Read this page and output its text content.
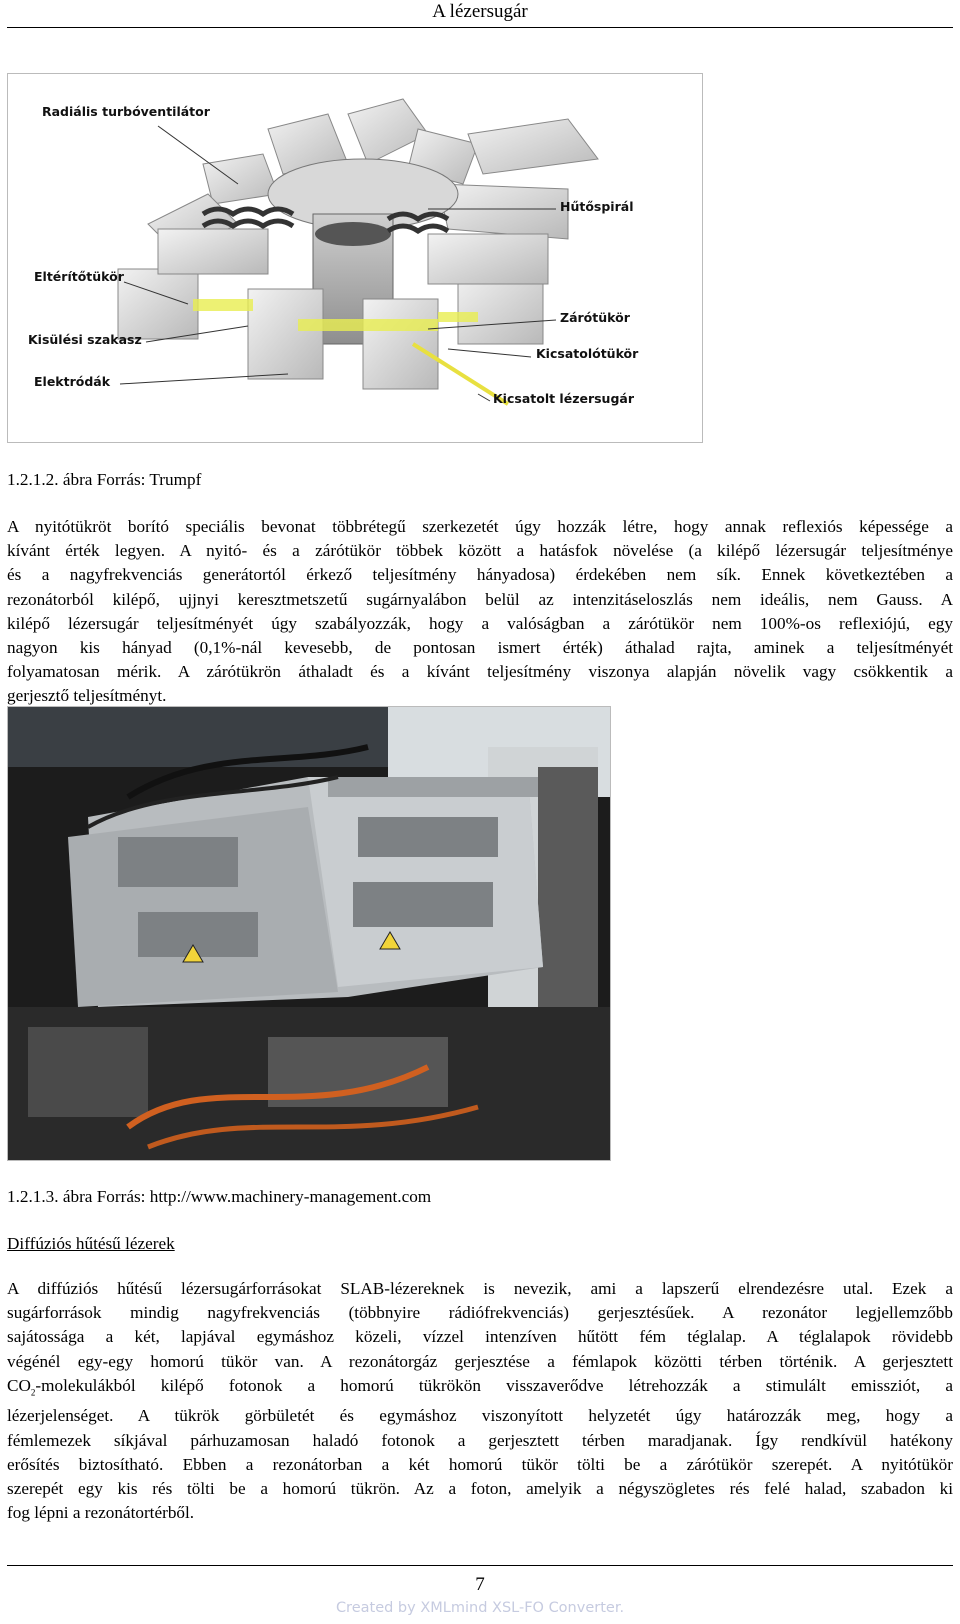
A lézersugár
Radiális turbóventilátor
Hűtőspirál
Eltérítőtükör
Zárótükör
Kisülési szakasz
Kicsatolótükör
Elektródák
Kicsatolt lézersugár
1.2.1.2. ábra Forrás: Trumpf
A nyitótükröt borító speciális bevonat többrétegű szerkezetét úgy hozzák létre, hogy annak reflexiós képessége a
kívánt érték legyen. A nyitó- és a zárótükör többek között a hatásfok növelése (a kilépő lézersugár teljesítménye
és a nagyfrekvenciás generátortól érkező teljesítmény hányadosa) érdekében nem sík. Ennek következtében a
rezonátorból kilépő, ujjnyi keresztmetszetű sugárnyalábon belül az intenzitáseloszlás nem ideális, nem Gauss. A
kilépő lézersugár teljesítményét úgy szabályozzák, hogy a valóságban a zárótükör nem 100%-os reflexiójú, egy
nagyon kis hányad (0,1%-nál kevesebb, de pontosan ismert érték) áthalad rajta, aminek a teljesítményét
folyamatosan mérik. A zárótükrön áthaladt és a kívánt teljesítmény viszonya alapján növelik vagy csökkentik a
gerjesztő teljesítményt.
1.2.1.3. ábra Forrás: http://www.machinery-management.com
Diffúziós hűtésű lézerek
A diffúziós hűtésű lézersugárforrásokat SLAB-lézereknek is nevezik, ami a lapszerű elrendezésre utal. Ezek a
sugárforrások mindig nagyfrekvenciás (többnyire rádiófrekvenciás) gerjesztésűek. A rezonátor legjellemzőbb
sajátossága a két, lapjával egymáshoz közeli, vízzel intenzíven hűtött fém téglalap. A téglalapok rövidebb
végénél egy-egy homorú tükör van. A rezonátorgáz gerjesztése a fémlapok közötti térben történik. A gerjesztett
$CO_2$-molekulákból kilépő fotonok a homorú tükrökön visszaverődve létrehozzák a stimulált emissziót, a
lézerjelenséget. A tükrök görbületét és egymáshoz viszonyított helyzetét úgy határozzák meg, hogy a
fémlemezek síkjával párhuzamosan haladó fotonok a gerjesztett térben maradjanak. Így rendkívül hatékony
erősítés biztosítható. Ebben a rezonátorban a két homorú tükör tölti be a zárótükör szerepét. A nyitótükör
szerepét egy kis rés tölti be a homorú tükrön. Az a foton, amelyik a négyszögletes rés felé halad, szabadon ki
fog lépni a rezonátortérből.
7
Created by XMLmind XSL-FO Converter.
